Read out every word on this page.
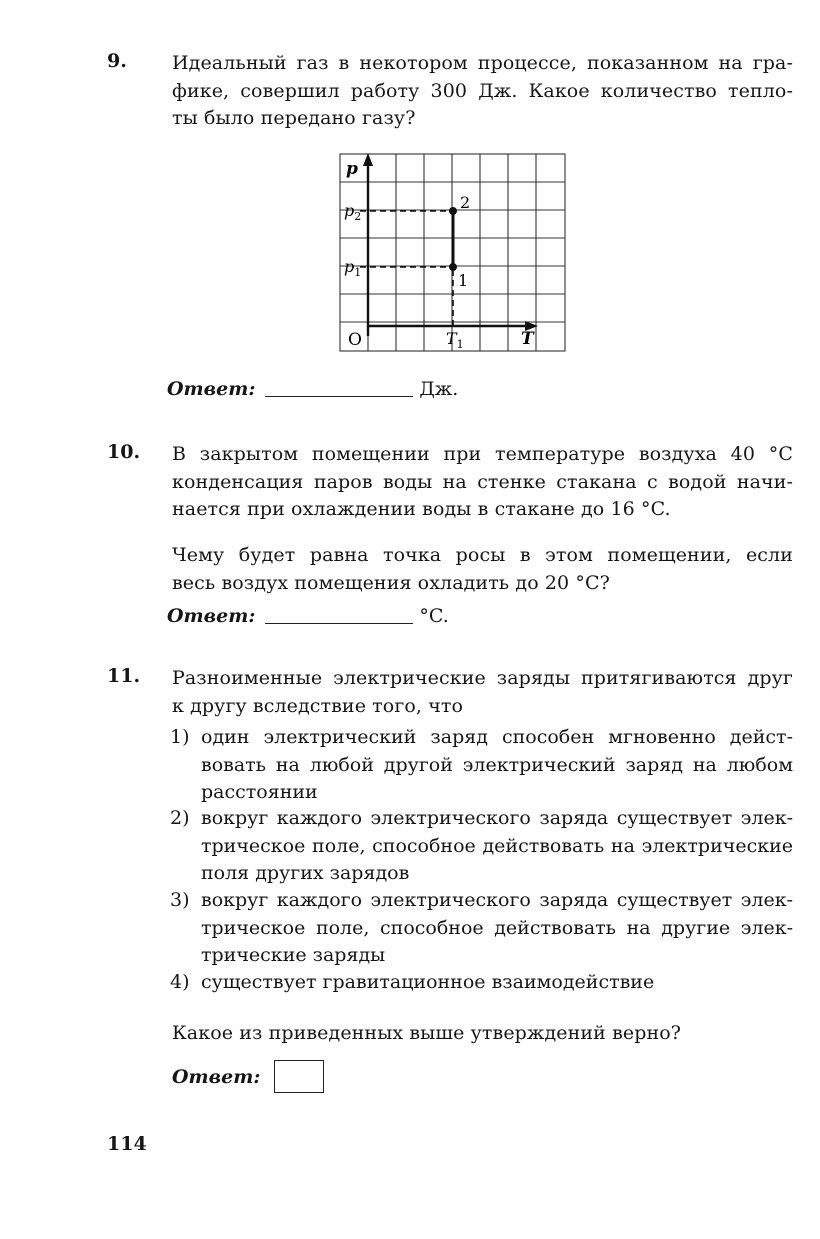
9. Идеальный газ в некотором процессе, показанном на гра-
фике, совершил работу 300 Дж. Какое количество тепло-
ты было передано газу?
p
T
O
$p_2$
$p_1$
$T_1$
2
1
Ответ:	Дж.
10. В закрытом помещении при температуре воздуха 40 °C
конденсация паров воды на стенке стакана с водой начи-
нается при охлаждении воды в стакане до 16 °C.
Чему будет равна точка росы в этом помещении, если
весь воздух помещения охладить до 20 °C?
Ответ:	°C.
11. Разноименные электрические заряды притягиваются друг
к другу вследствие того, что
1) один электрический заряд способен мгновенно дейст-
вовать на любой другой электрический заряд на любом
расстоянии
2) вокруг каждого электрического заряда существует элек-
трическое поле, способное действовать на электрические
поля других зарядов
3) вокруг каждого электрического заряда существует элек-
трическое поле, способное действовать на другие элек-
трические заряды
4) существует гравитационное взаимодействие
Какое из приведенных выше утверждений верно?
Ответ:
114
